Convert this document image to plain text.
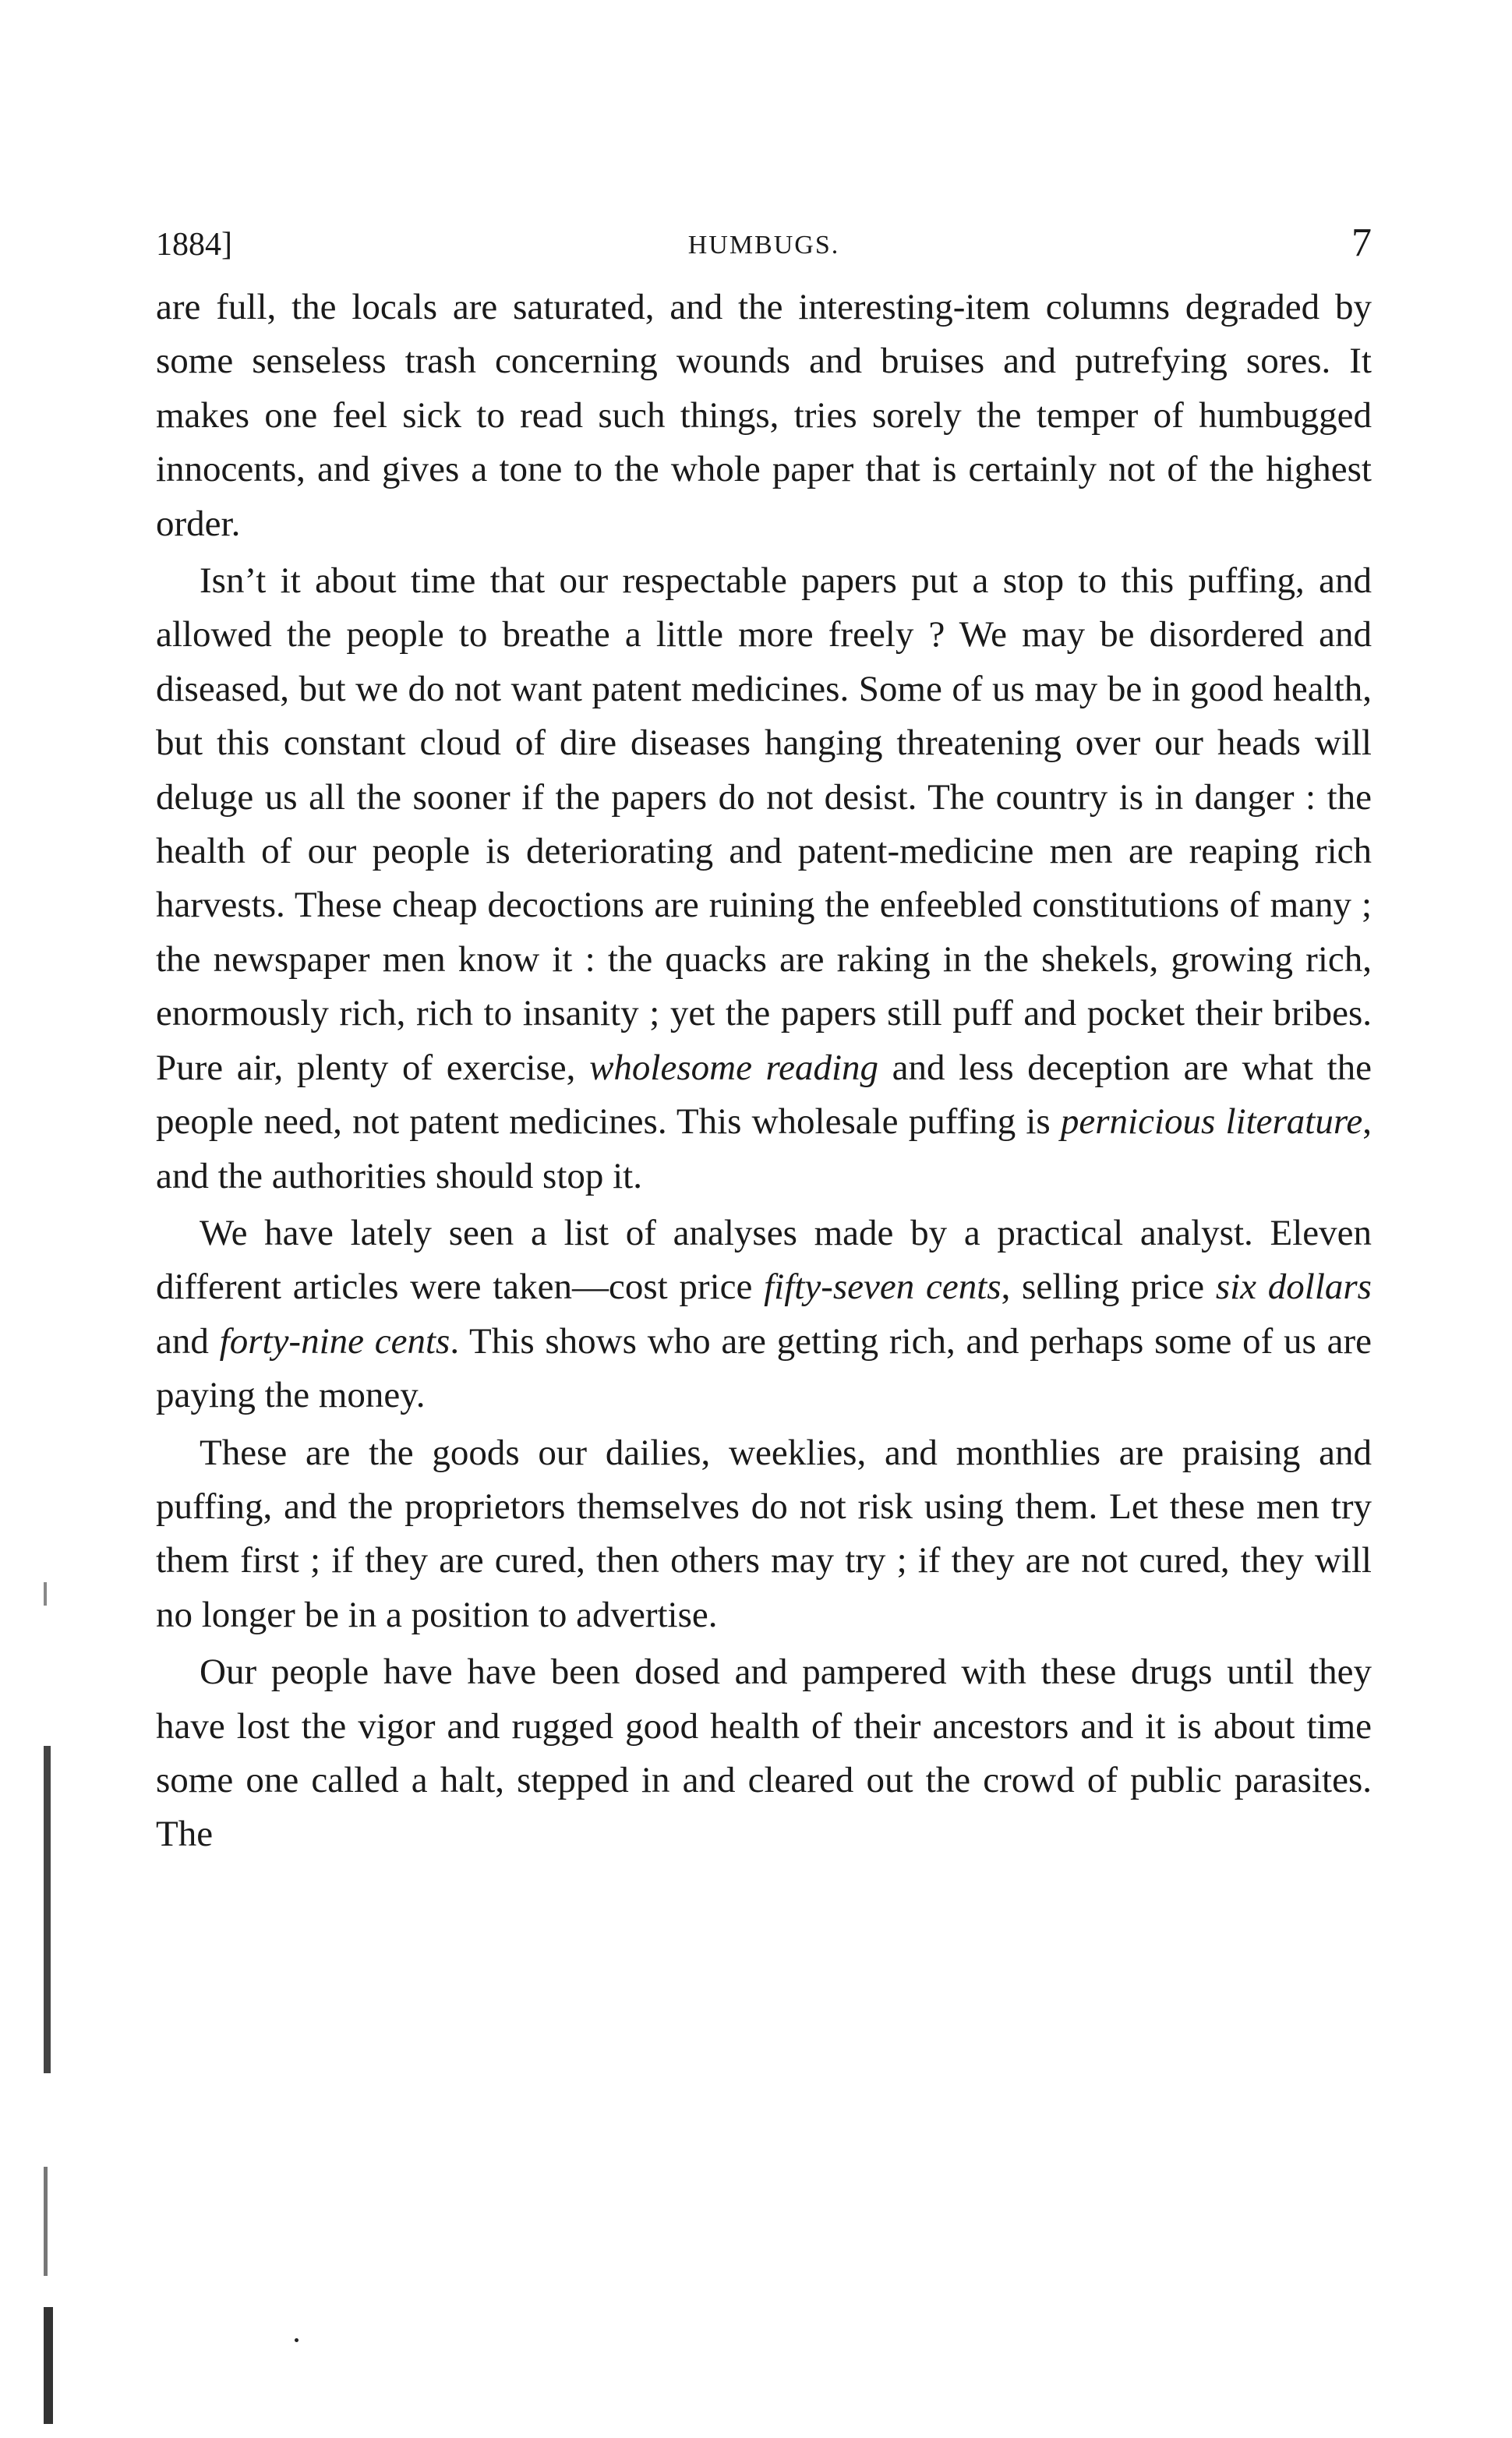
1884]	HUMBUGS.	7

are full, the locals are saturated, and the interesting-item columns degraded by some senseless trash concerning wounds and bruises and putrefying sores. It makes one feel sick to read such things, tries sorely the temper of humbugged innocents, and gives a tone to the whole paper that is certainly not of the highest order.

Isn’t it about time that our respectable papers put a stop to this puffing, and allowed the people to breathe a little more freely ? We may be disordered and diseased, but we do not want patent medicines. Some of us may be in good health, but this constant cloud of dire diseases hanging threatening over our heads will deluge us all the sooner if the papers do not desist. The country is in danger : the health of our people is deteriorating and patent-medicine men are reaping rich harvests. These cheap decoctions are ruining the enfeebled constitutions of many ; the newspaper men know it : the quacks are raking in the shekels, growing rich, enormously rich, rich to insanity ; yet the papers still puff and pocket their bribes. Pure air, plenty of exercise, wholesome reading and less deception are what the people need, not patent medicines. This wholesale puffing is pernicious literature, and the authorities should stop it.

We have lately seen a list of analyses made by a practical analyst. Eleven different articles were taken—cost price fifty-seven cents, selling price six dollars and forty-nine cents. This shows who are getting rich, and perhaps some of us are paying the money.

These are the goods our dailies, weeklies, and monthlies are praising and puffing, and the proprietors themselves do not risk using them. Let these men try them first ; if they are cured, then others may try ; if they are not cured, they will no longer be in a position to advertise.

Our people have have been dosed and pampered with these drugs until they have lost the vigor and rugged good health of their ancestors and it is about time some one called a halt, stepped in and cleared out the crowd of public parasites. The
